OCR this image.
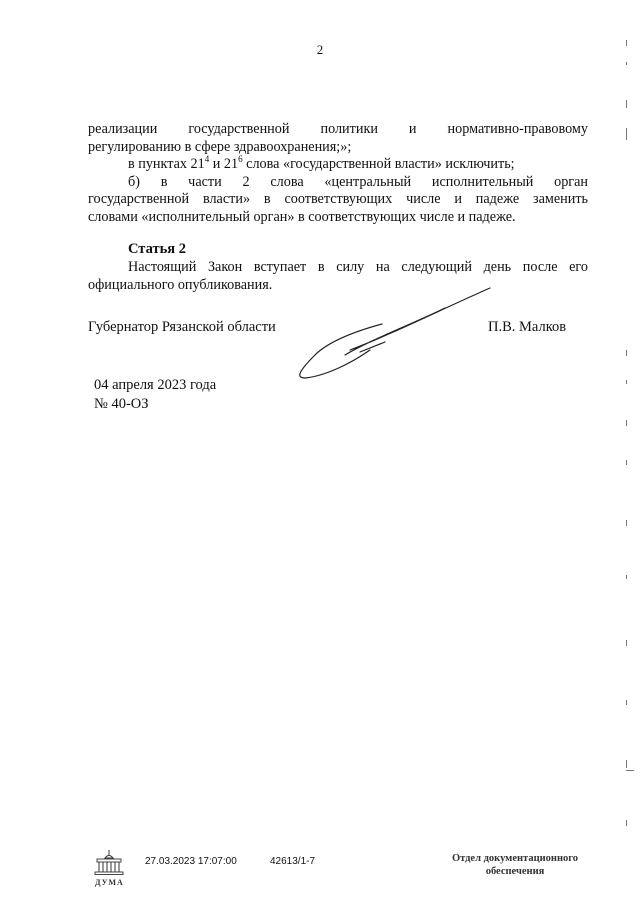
2
реализации государственной политики и нормативно-правовому
регулированию в сфере здравоохранения;»;
в пунктах $21^4$ и $21^6$ слова «государственной власти» исключить;
б) в части 2 слова «центральный исполнительный орган
государственной власти» в соответствующих числе и падеже заменить
словами «исполнительный орган» в соответствующих числе и падеже.
Статья 2
Настоящий Закон вступает в силу на следующий день после его
официального опубликования.
Губернатор Рязанской области	П.В. Малков
04 апреля 2023 года
№ 40-ОЗ
ДУМА
27.03.2023 17:07:00	42613/1-7	Отдел документационного
обеспечения
